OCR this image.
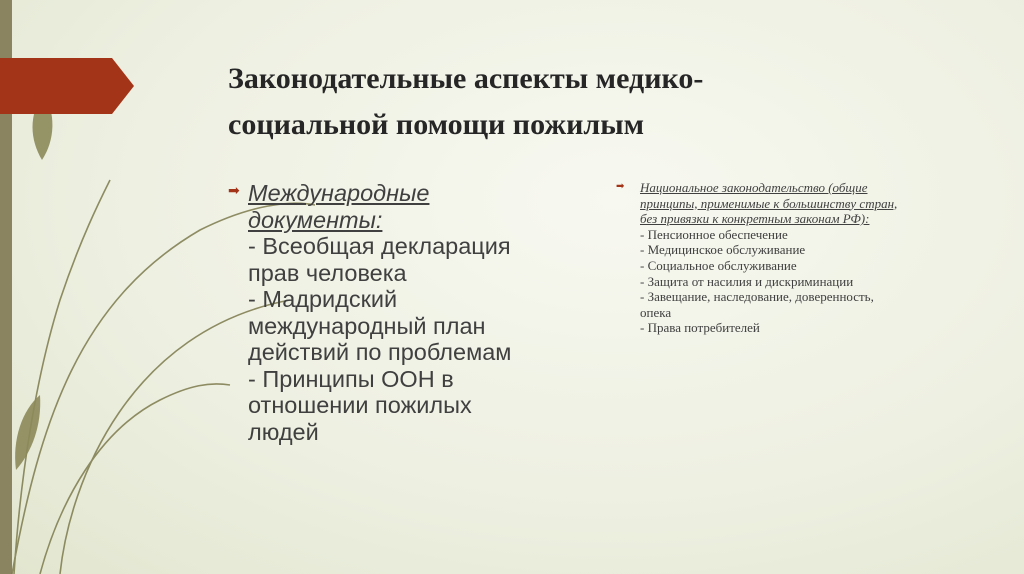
Законодательные аспекты медико-
социальной помощи пожилым
➡ Международные
документы:
- Всеобщая декларация
прав человека
- Мадридский
международный план
действий по проблемам
- Принципы ООН в
отношении пожилых
людей
➡	Национальное законодательство (общие
принципы, применимые к большинству стран,
без привязки к конкретным законам РФ):
- Пенсионное обеспечение
- Медицинское обслуживание
- Социальное обслуживание
- Защита от насилия и дискриминации
- Завещание, наследование, доверенность,
опека
- Права потребителей
